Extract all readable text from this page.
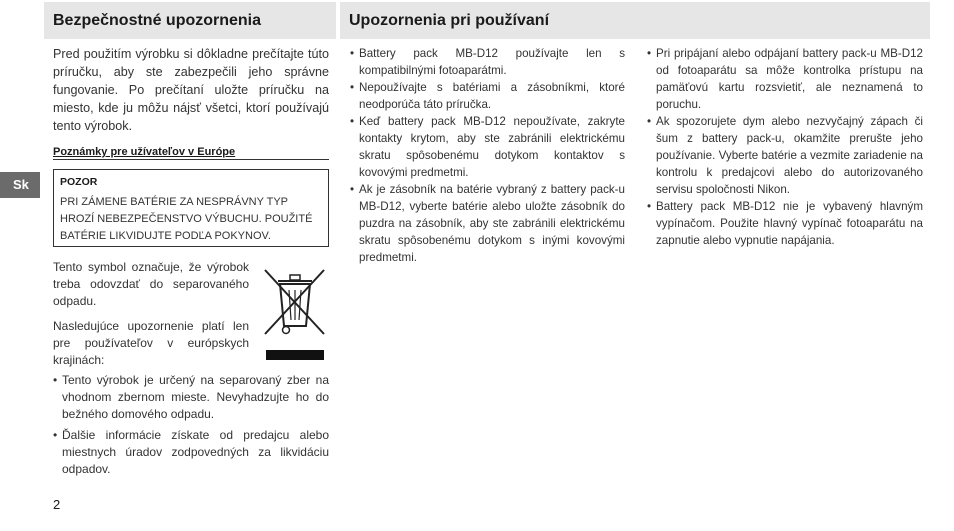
Bezpečnostné upozornenia	Upozornenia pri používaní
Sk

Pred použitím výrobku si dôkladne prečítajte túto príručku, aby ste zabezpečili jeho správne fungovanie. Po prečítaní uložte príručku na miesto, kde ju môžu nájsť všetci, ktorí používajú tento výrobok.

Poznámky pre užívateľov v Európe
POZOR
PRI ZÁMENE BATÉRIE ZA NESPRÁVNY TYP HROZÍ NEBEZPEČENSTVO VÝBUCHU. POUŽITÉ BATÉRIE LIKVIDUJTE PODĽA POKYNOV.

Tento symbol označuje, že výrobok treba odovzdať do separovaného odpadu.

Nasledujúce upozornenie platí len pre používateľov v európskych krajinách:

• Tento výrobok je určený na separovaný zber na vhodnom zbernom mieste. Nevyhadzujte ho do bežného domového odpadu.
• Ďalšie informácie získate od predajcu alebo miestnych úradov zodpovedných za likvidáciu odpadov.
• Battery pack MB-D12 používajte len s kompatibilnými fotoaparátmi.
• Nepoužívajte s batériami a zásobníkmi, ktoré neodporúča táto príručka.
• Keď battery pack MB-D12 nepoužívate, zakryte kontakty krytom, aby ste zabránili elektrickému skratu spôsobenému dotykom kontaktov s kovovými predmetmi.
• Ak je zásobník na batérie vybraný z battery pack-u MB-D12, vyberte batérie alebo uložte zásobník do puzdra na zásobník, aby ste zabránili elektrickému skratu spôsobenému dotykom s inými kovovými predmetmi.
• Pri pripájaní alebo odpájaní battery pack-u MB-D12 od fotoaparátu sa môže kontrolka prístupu na pamäťovú kartu rozsvietiť, ale neznamená to poruchu.
• Ak spozorujete dym alebo nezvyčajný zápach či šum z battery pack-u, okamžite prerušte jeho používanie. Vyberte batérie a vezmite zariadenie na kontrolu k predajcovi alebo do autorizovaného servisu spoločnosti Nikon.
• Battery pack MB-D12 nie je vybavený hlavným vypínačom. Použite hlavný vypínač fotoaparátu na zapnutie alebo vypnutie napájania.
2
